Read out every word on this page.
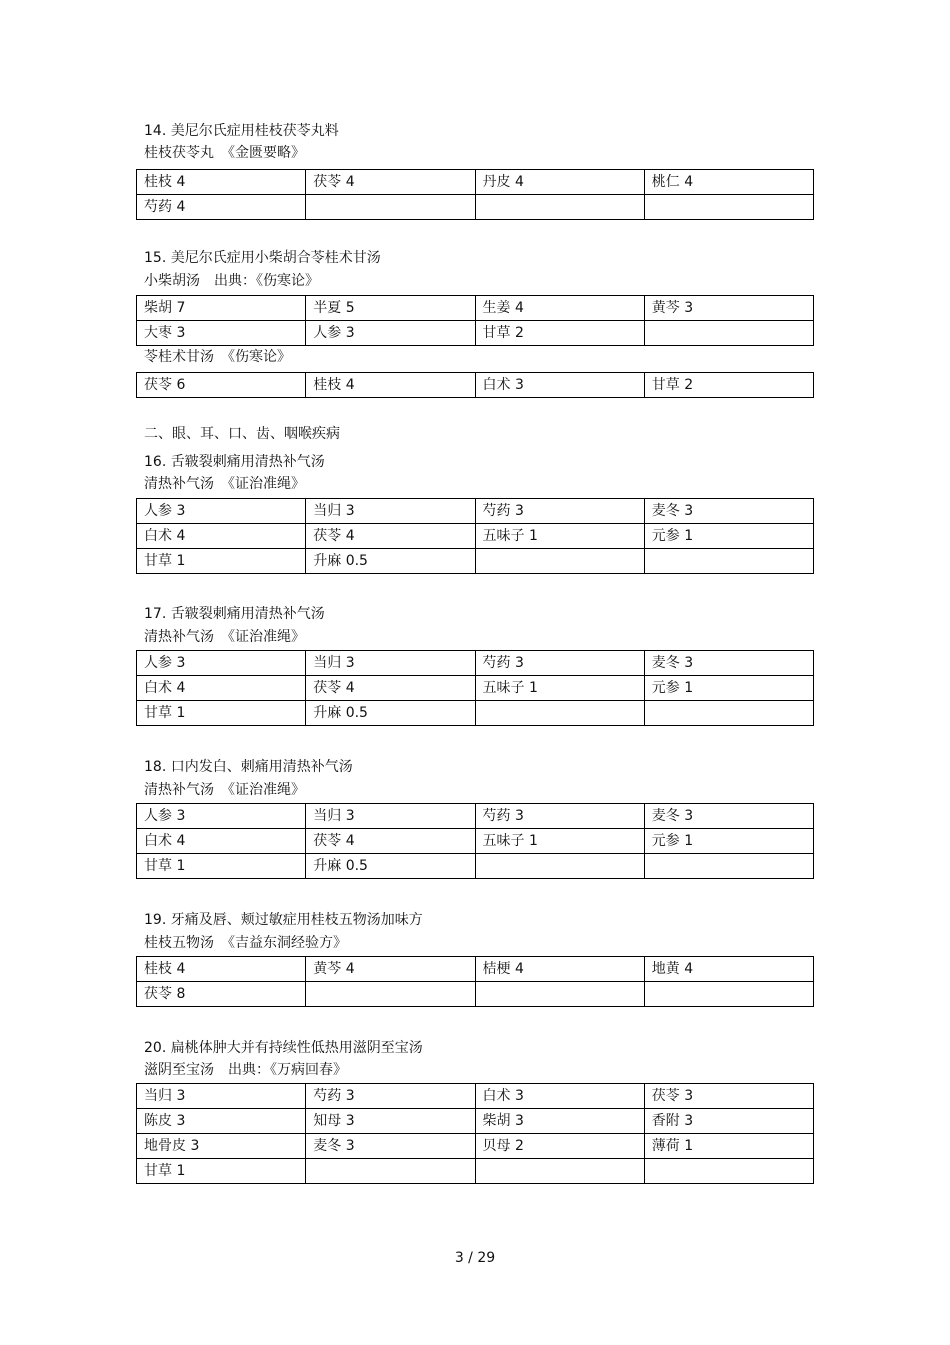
14. 美尼尔氏症用桂枝茯苓丸料
桂枝茯苓丸　《金匮要略》
桂枝 4	茯苓 4	丹皮 4	桃仁 4
芍药 4			
15. 美尼尔氏症用小柴胡合苓桂术甘汤
小柴胡汤　出典：《伤寒论》
柴胡 7	半夏 5	生姜 4	黄芩 3
大枣 3	人参 3	甘草 2	
苓桂术甘汤　《伤寒论》
茯苓 6	桂枝 4	白术 3	甘草 2
二、眼、耳、口、齿、咽喉疾病
16. 舌皲裂刺痛用清热补气汤
清热补气汤　《证治准绳》
人参 3	当归 3	芍药 3	麦冬 3
白术 4	茯苓 4	五味子 1	元参 1
甘草 1	升麻 0.5		
17. 舌皲裂刺痛用清热补气汤
清热补气汤　《证治准绳》
人参 3	当归 3	芍药 3	麦冬 3
白术 4	茯苓 4	五味子 1	元参 1
甘草 1	升麻 0.5		
18. 口内发白、刺痛用清热补气汤
清热补气汤　《证治准绳》
人参 3	当归 3	芍药 3	麦冬 3
白术 4	茯苓 4	五味子 1	元参 1
甘草 1	升麻 0.5		
19. 牙痛及唇、颊过敏症用桂枝五物汤加味方
桂枝五物汤　《吉益东洞经验方》
桂枝 4	黄芩 4	桔梗 4	地黄 4
茯苓 8			
20. 扁桃体肿大并有持续性低热用滋阴至宝汤
滋阴至宝汤　出典：《万病回春》
当归 3	芍药 3	白术 3	茯苓 3
陈皮 3	知母 3	柴胡 3	香附 3
地骨皮 3	麦冬 3	贝母 2	薄荷 1
甘草 1			
3 / 29
